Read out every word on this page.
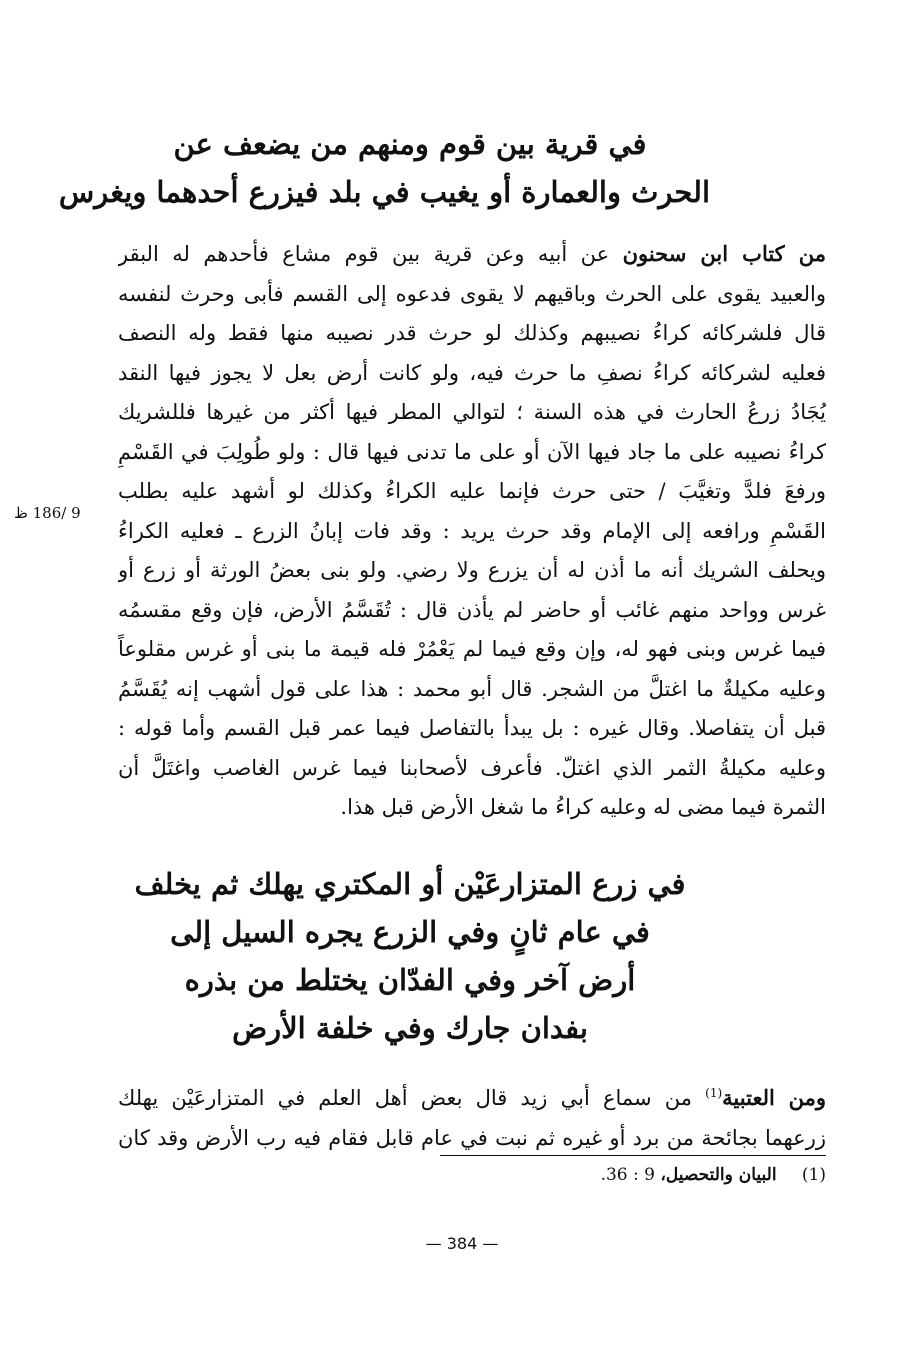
في قرية بين قوم ومنهم من يضعف عن
الحرث والعمارة أو يغيب في بلد فيزرع أحدهما ويغرس
من كتاب ابن سحنون عن أبيه وعن قرية بين قوم مشاع فأحدهم له البقر
والعبيد يقوى على الحرث وباقيهم لا يقوى فدعوه إلى القسم فأبى وحرث لنفسه
قال فلشركائه كراءُ نصيبهم وكذلك لو حرث قدر نصيبه منها فقط وله النصف
فعليه لشركائه كراءُ نصفِ ما حرث فيه، ولو كانت أرض بعل لا يجوز فيها النقد
يُجَادُ زرعُ الحارث في هذه السنة ؛ لتوالي المطر فيها أكثر من غيرها فللشريك
كراءُ نصيبه على ما جاد فيها الآن أو على ما تدنى فيها قال : ولو طُولِبَ في القَسْمِ
ورفعَ فلدَّ وتغيَّبَ / حتى حرث فإنما عليه الكراءُ وكذلك لو أشهد عليه بطلب
القَسْمِ ورافعه إلى الإمام وقد حرث يريد : وقد فات إبانُ الزرع ـ فعليه الكراءُ
ويحلف الشريك أنه ما أذن له أن يزرع ولا رضي. ولو بنى بعضُ الورثة أو زرع أو
غرس وواحد منهم غائب أو حاضر لم يأذن قال : تُقَسَّمُ الأرض، فإن وقع مقسمُه
فيما غرس وبنى فهو له، وإن وقع فيما لم يَعْمُرْ فله قيمة ما بنى أو غرس مقلوعاً
وعليه مكيلةٌ ما اغتلَّ من الشجر. قال أبو محمد : هذا على قول أشهب إنه يُقَسَّمُ
قبل أن يتفاصلا. وقال غيره : بل يبدأ بالتفاصل فيما عمر قبل القسم وأما قوله :
وعليه مكيلةُ الثمر الذي اغتلّ. فأعرف لأصحابنا فيما غرس الغاصب واغتَلَّ أن
الثمرة فيما مضى له وعليه كراءُ ما شغل الأرض قبل هذا.
9 /186 ظ
في زرع المتزارعَيْن أو المكتري يهلك ثم يخلف
في عام ثانٍ وفي الزرع يجره السيل إلى
أرض آخر وفي الفدّان يختلط من بذره
بفدان جارك وفي خلفة الأرض
ومن العتبية$^{(1)}$ من سماع أبي زيد قال بعض أهل العلم في المتزارعَيْن يهلك
زرعهما بجائحة من برد أو غيره ثم نبت في عام قابل فقام فيه رب الأرض وقد كان
(1) البيان والتحصيل، 9 : 36.
— 384 —
